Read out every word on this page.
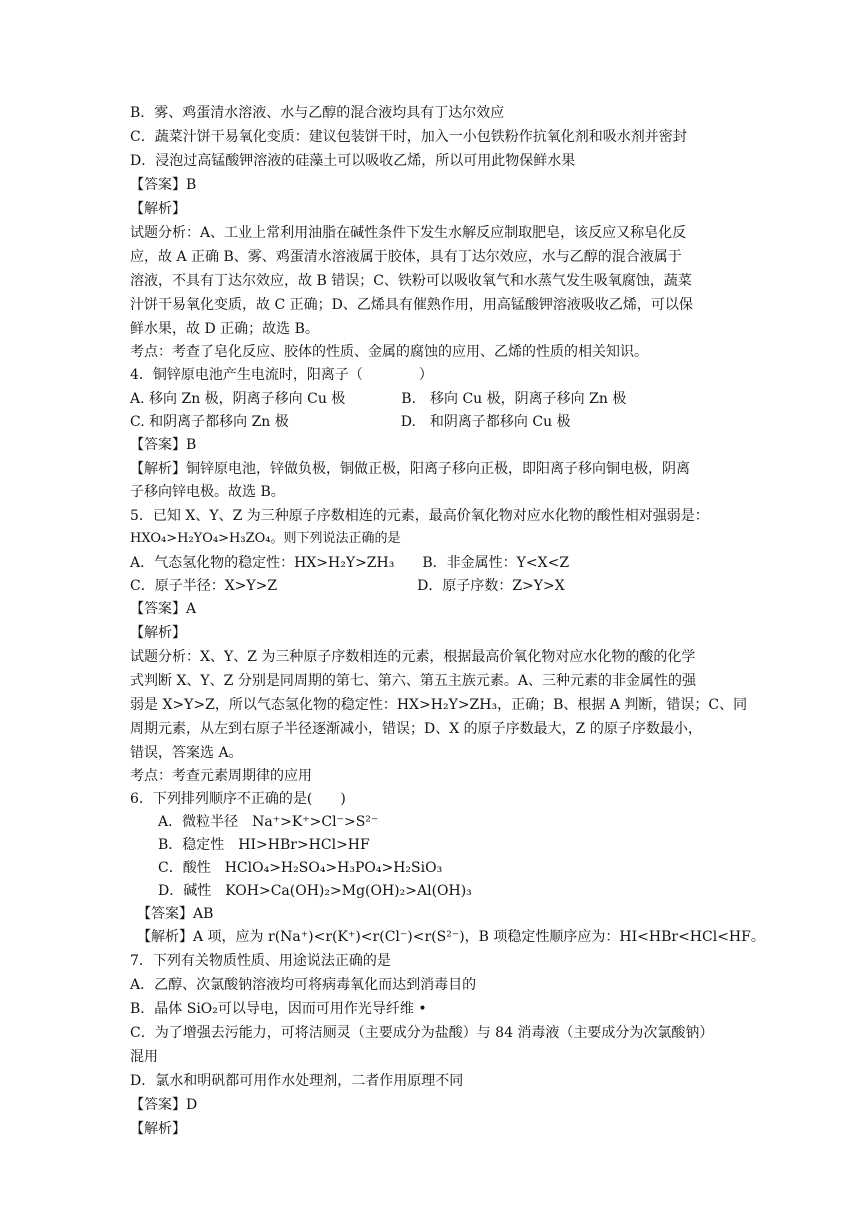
B．雾、鸡蛋清水溶液、水与乙醇的混合液均具有丁达尔效应
C．蔬菜汁饼干易氧化变质：建议包装饼干时，加入一小包铁粉作抗氧化剂和吸水剂并密封
D．浸泡过高锰酸钾溶液的硅藻土可以吸收乙烯，所以可用此物保鲜水果
【答案】B
【解析】
试题分析：A、工业上常利用油脂在碱性条件下发生水解反应制取肥皂，该反应又称皂化反
应，故 A 正确 B、雾、鸡蛋清水溶液属于胶体，具有丁达尔效应，水与乙醇的混合液属于
溶液，不具有丁达尔效应，故 B 错误；C、铁粉可以吸收氧气和水蒸气发生吸氧腐蚀，蔬菜
汁饼干易氧化变质，故 C 正确；D、乙烯具有催熟作用，用高锰酸钾溶液吸收乙烯，可以保
鲜水果，故 D 正确；故选 B。
考点：考查了皂化反应、胶体的性质、金属的腐蚀的应用、乙烯的性质的相关知识。
4．铜锌原电池产生电流时，阳离子（　　　　）
A. 移向 Zn 极，阴离子移向 Cu 极　　　　B.　移向 Cu 极，阴离子移向 Zn 极
C. 和阴离子都移向 Zn 极　　　　　　　　D.　和阴离子都移向 Cu 极
【答案】B
【解析】铜锌原电池，锌做负极，铜做正极，阳离子移向正极，即阳离子移向铜电极，阴离
子移向锌电极。故选 B。
5．已知 X、Y、Z 为三种原子序数相连的元素，最高价氧化物对应水化物的酸性相对强弱是：
HXO₄>H₂YO₄>H₃ZO₄。则下列说法正确的是
A．气态氢化物的稳定性：HX>H₂Y>ZH₃　　B．非金属性：Y<X<Z
C．原子半径：X>Y>Z　　　　　　　　　　D．原子序数：Z>Y>X
【答案】A
【解析】
试题分析：X、Y、Z 为三种原子序数相连的元素，根据最高价氧化物对应水化物的酸的化学
式判断 X、Y、Z 分别是同周期的第七、第六、第五主族元素。A、三种元素的非金属性的强
弱是 X>Y>Z，所以气态氢化物的稳定性：HX>H₂Y>ZH₃，正确；B、根据 A 判断，错误；C、同
周期元素，从左到右原子半径逐渐减小，错误；D、X 的原子序数最大，Z 的原子序数最小，
错误，答案选 A。
考点：考查元素周期律的应用
6．下列排列顺序不正确的是(　　)
　　A．微粒半径　Na⁺>K⁺>Cl⁻>S²⁻
　　B．稳定性　HI>HBr>HCl>HF
　　C．酸性　HClO₄>H₂SO₄>H₃PO₄>H₂SiO₃
　　D．碱性　KOH>Ca(OH)₂>Mg(OH)₂>Al(OH)₃
　【答案】AB
　【解析】A 项，应为 r(Na⁺)<r(K⁺)<r(Cl⁻)<r(S²⁻)，B 项稳定性顺序应为：HI<HBr<HCl<HF。
7．下列有关物质性质、用途说法正确的是
A．乙醇、次氯酸钠溶液均可将病毒氧化而达到消毒目的
B．晶体 SiO₂可以导电，因而可用作光导纤维 •
C．为了增强去污能力，可将洁厕灵（主要成分为盐酸）与 84 消毒液（主要成分为次氯酸钠）
混用
D．氯水和明矾都可用作水处理剂，二者作用原理不同
【答案】D
【解析】
